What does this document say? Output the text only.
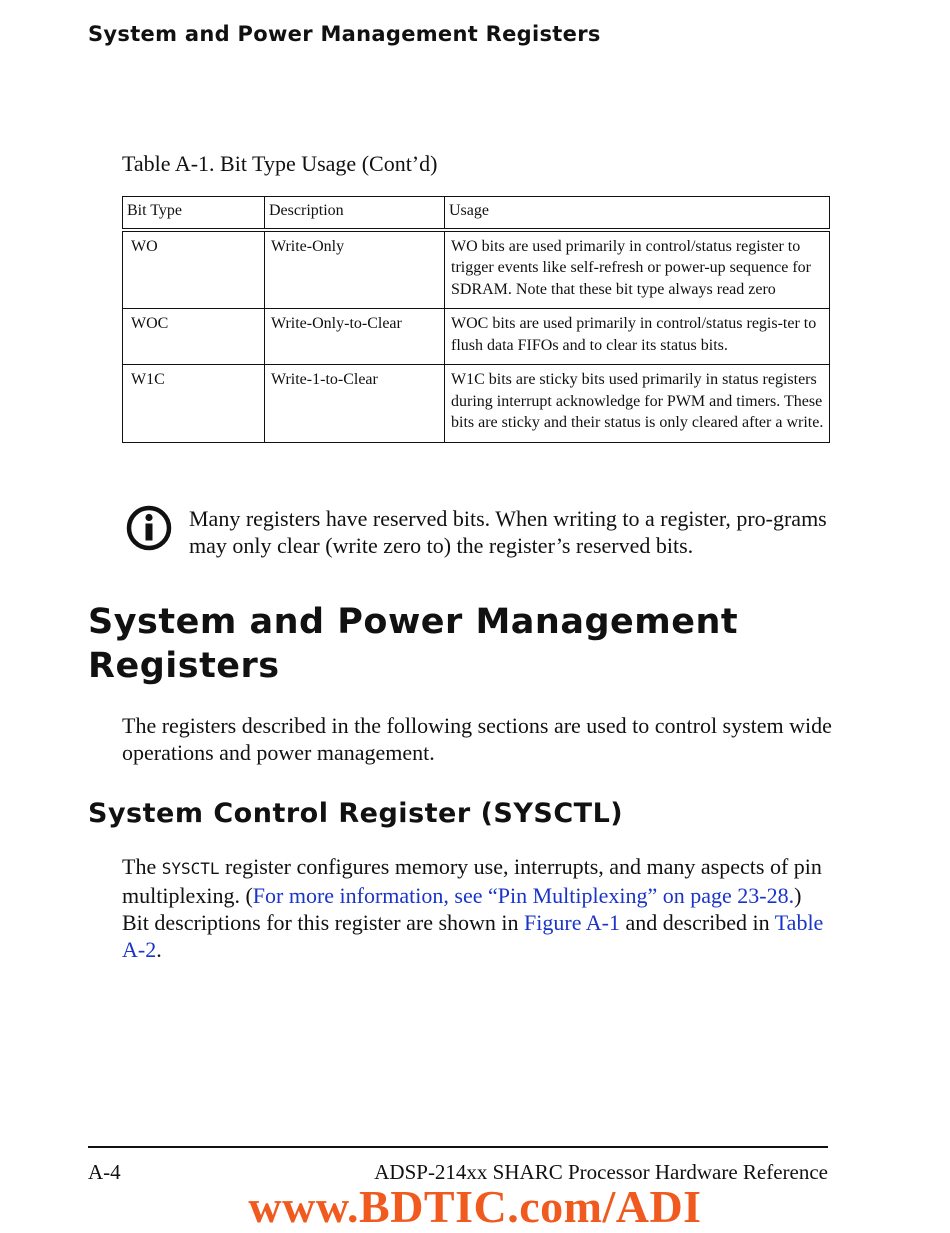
System and Power Management Registers
Table A-1. Bit Type Usage (Cont’d)
Bit Type	Description	Usage
WO	Write-Only	WO bits are used primarily in control/status register to trigger events like self-refresh or power-up sequence for SDRAM. Note that these bit type always read zero
WOC	Write-Only-to-Clear	WOC bits are used primarily in control/status regis-ter to flush data FIFOs and to clear its status bits.
W1C	Write-1-to-Clear	W1C bits are sticky bits used primarily in status registers during interrupt acknowledge for PWM and timers. These bits are sticky and their status is only cleared after a write.
Many registers have reserved bits. When writing to a register, pro-grams may only clear (write zero to) the register’s reserved bits.
System and Power Management Registers
The registers described in the following sections are used to control system wide operations and power management.
System Control Register (SYSCTL)
The SYSCTL register configures memory use, interrupts, and many aspects of pin multiplexing. (For more information, see “Pin Multiplexing” on page 23-28.) Bit descriptions for this register are shown in Figure A-1 and described in Table A-2.
A-4	ADSP-214xx SHARC Processor Hardware Reference
www.BDTIC.com/ADI
